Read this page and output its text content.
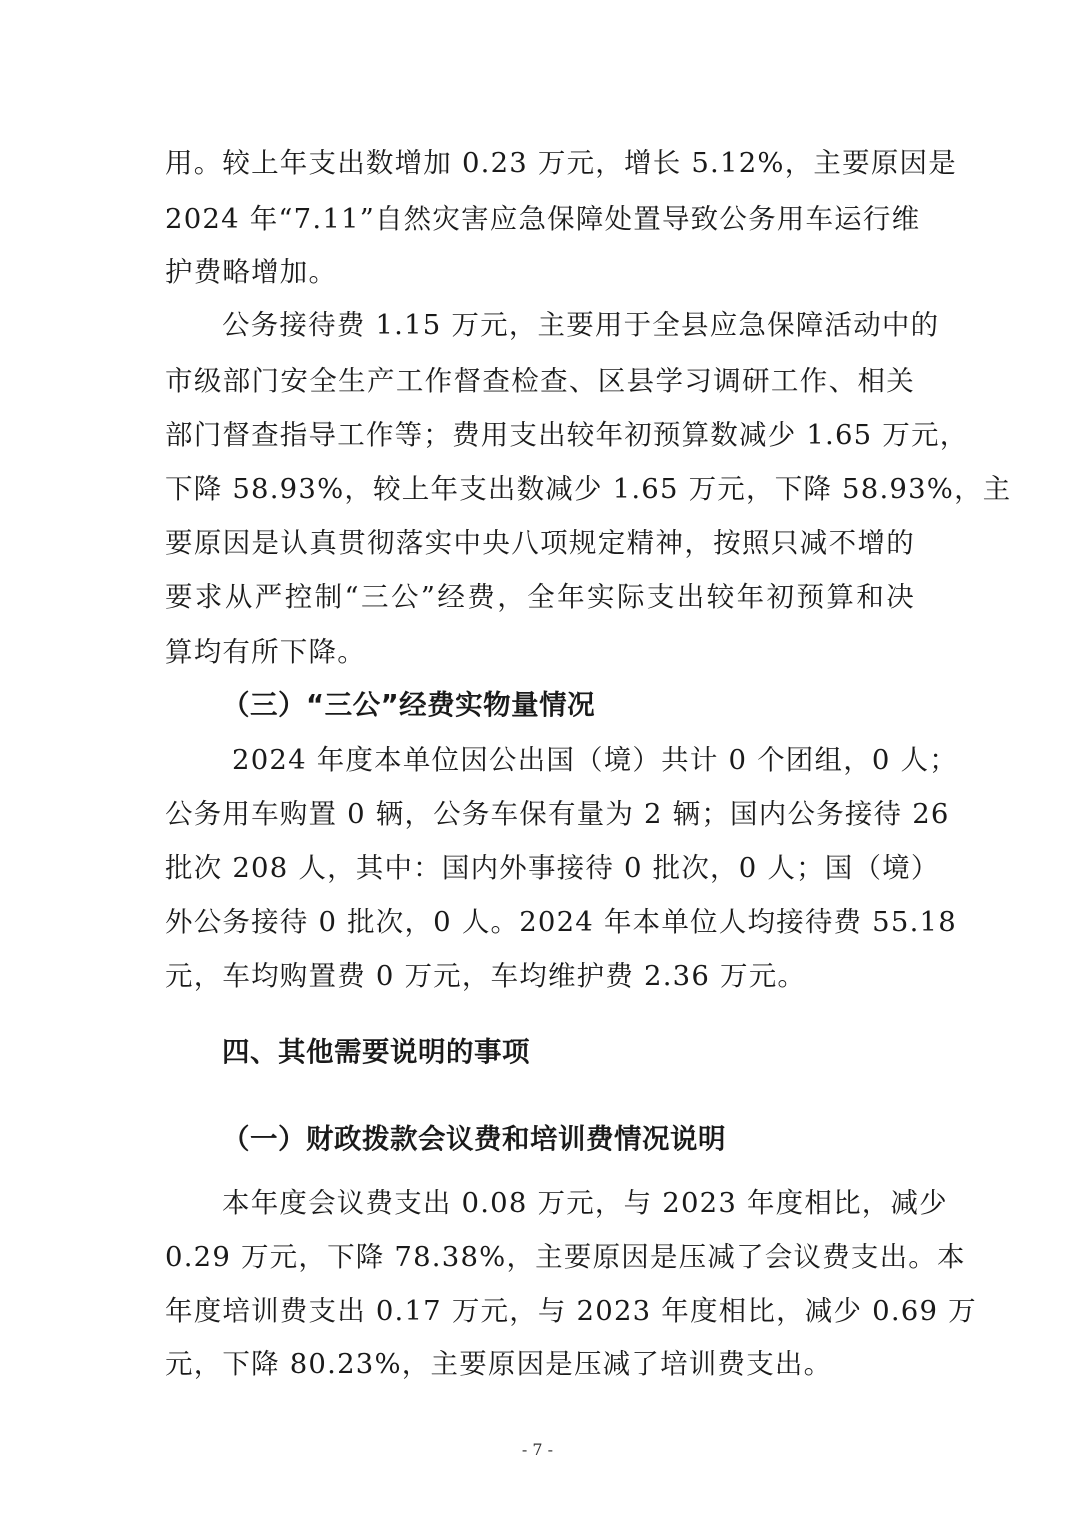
用。较上年支出数增加 0.23 万元，增长 5.12%，主要原因是
2024 年“7.11”自然灾害应急保障处置导致公务用车运行维
护费略增加。
公务接待费 1.15 万元，主要用于全县应急保障活动中的
市级部门安全生产工作督查检查、区县学习调研工作、相关
部门督查指导工作等；费用支出较年初预算数减少 1.65 万元，
下降 58.93%，较上年支出数减少 1.65 万元，下降 58.93%，主
要原因是认真贯彻落实中央八项规定精神，按照只减不增的
要求从严控制“三公”经费，全年实际支出较年初预算和决
算均有所下降。
（三）“三公”经费实物量情况
2024 年度本单位因公出国（境）共计 0 个团组，0 人；
公务用车购置 0 辆，公务车保有量为 2 辆；国内公务接待 26
批次 208 人，其中：国内外事接待 0 批次，0 人；国（境）
外公务接待 0 批次，0 人。2024 年本单位人均接待费 55.18
元，车均购置费 0 万元，车均维护费 2.36 万元。
四、其他需要说明的事项
（一）财政拨款会议费和培训费情况说明
本年度会议费支出 0.08 万元，与 2023 年度相比，减少
0.29 万元，下降 78.38%，主要原因是压减了会议费支出。本
年度培训费支出 0.17 万元，与 2023 年度相比，减少 0.69 万
元，下降 80.23%，主要原因是压减了培训费支出。
- 7 -
